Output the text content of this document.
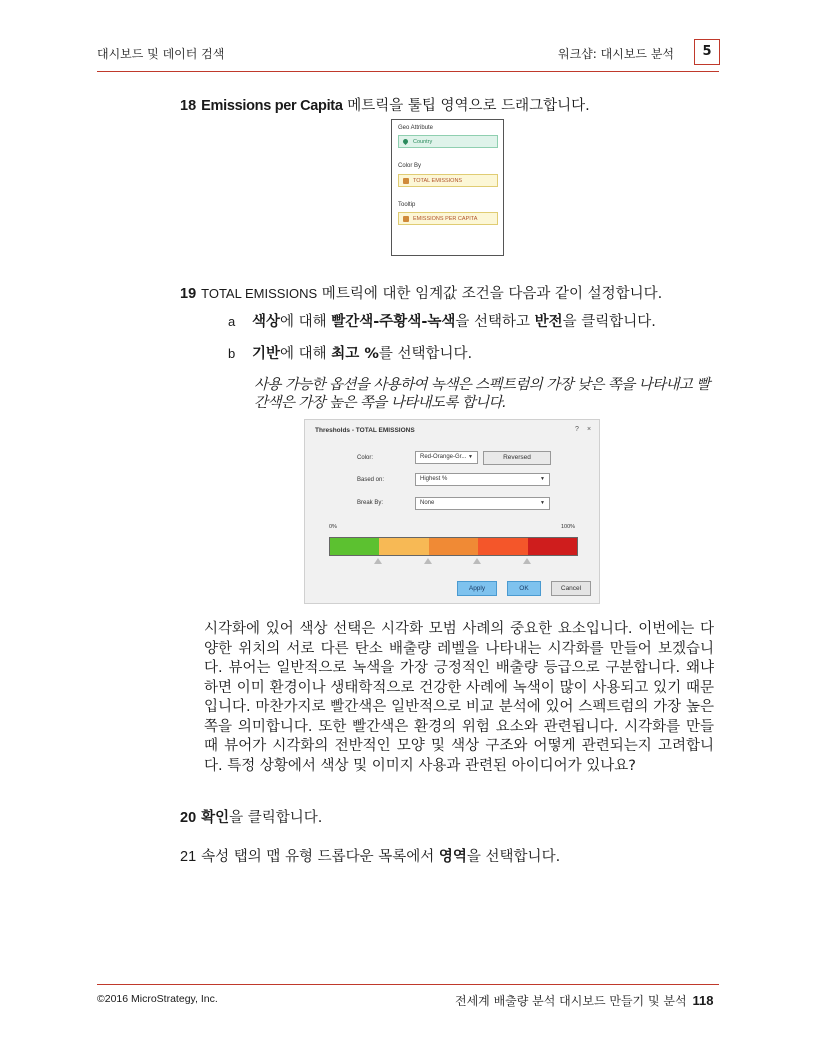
대시보드 및 데이터 검색	워크샵: 대시보드 분석	5
18 Emissions per Capita 메트릭을 툴팁 영역으로 드래그합니다.
Geo Attribute
Country
Color By
TOTAL EMISSIONS
Tooltip
EMISSIONS PER CAPITA
19 TOTAL EMISSIONS 메트릭에 대한 임계값 조건을 다음과 같이 설정합니다.
a 색상에 대해 빨간색-주황색-녹색을 선택하고 반전을 클릭합니다.
b 기반에 대해 최고 %를 선택합니다.
사용 가능한 옵션을 사용하여 녹색은 스펙트럼의 가장 낮은 쪽을 나타내고 빨간색은 가장 높은 쪽을 나타내도록 합니다.
Thresholds - TOTAL EMISSIONS	? ×
Color:	Red-Orange-Gr... ▼	Reversed
Based on:	Highest %	▼
Break By:	None	▼
0%	100%
Apply	OK	Cancel
시각화에 있어 색상 선택은 시각화 모범 사례의 중요한 요소입니다. 이번에는 다양한 위치의 서로 다른 탄소 배출량 레벨을 나타내는 시각화를 만들어 보겠습니다. 뷰어는 일반적으로 녹색을 가장 긍정적인 배출량 등급으로 구분합니다. 왜냐하면 이미 환경이나 생태학적으로 건강한 사례에 녹색이 많이 사용되고 있기 때문입니다. 마찬가지로 빨간색은 일반적으로 비교 분석에 있어 스펙트럼의 가장 높은 쪽을 의미합니다. 또한 빨간색은 환경의 위험 요소와 관련됩니다. 시각화를 만들 때 뷰어가 시각화의 전반적인 모양 및 색상 구조와 어떻게 관련되는지 고려합니다. 특정 상황에서 색상 및 이미지 사용과 관련된 아이디어가 있나요?
20 확인을 클릭합니다.
21 속성 탭의 맵 유형 드롭다운 목록에서 영역을 선택합니다.
©2016 MicroStrategy, Inc.	전세계 배출량 분석 대시보드 만들기 및 분석 118
